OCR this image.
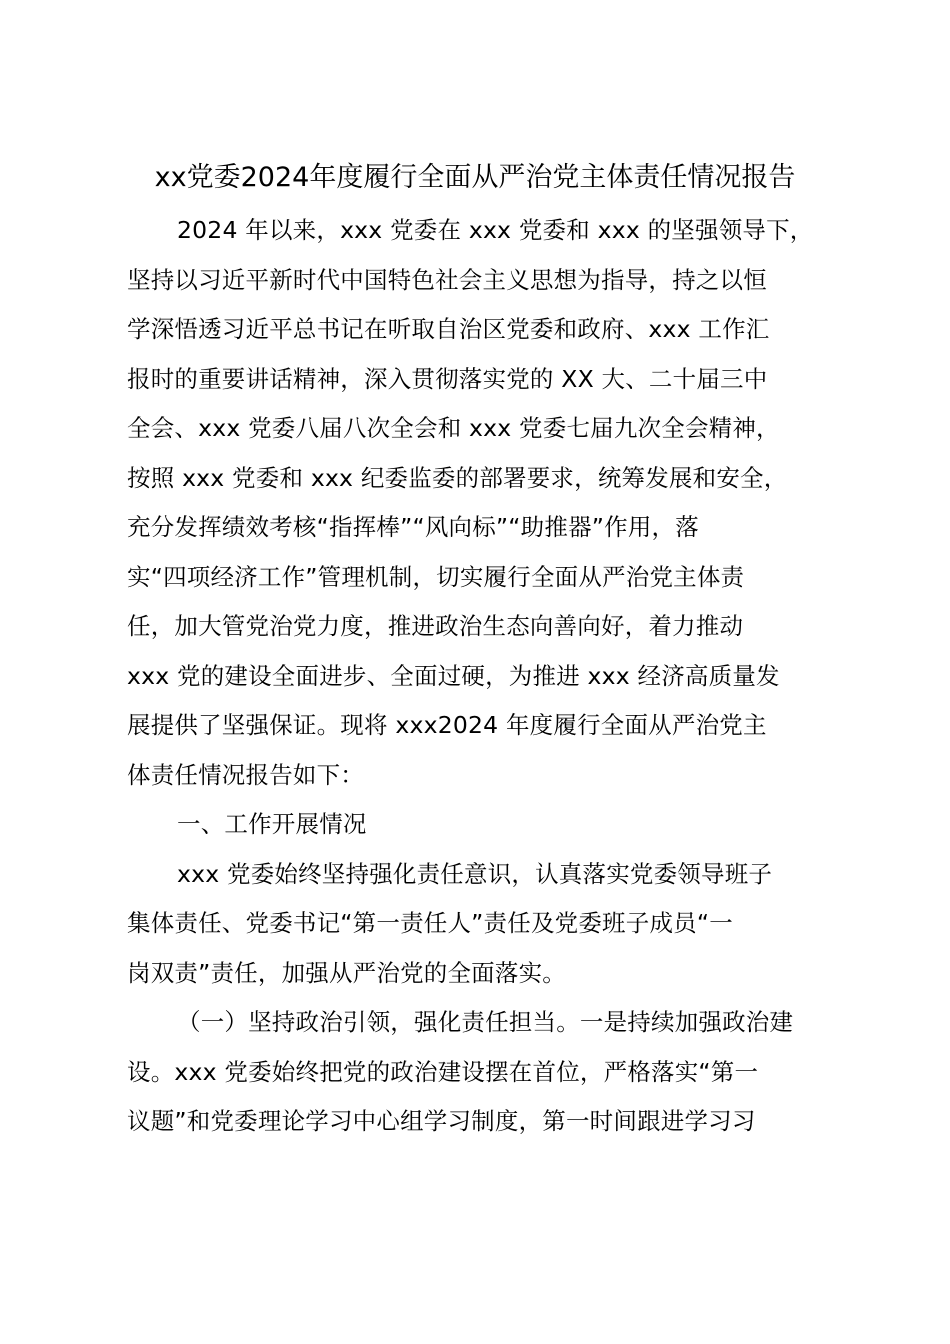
xx党委2024年度履行全面从严治党主体责任情况报告
2024 年以来，xxx 党委在 xxx 党委和 xxx 的坚强领导下，
坚持以习近平新时代中国特色社会主义思想为指导，持之以恒
学深悟透习近平总书记在听取自治区党委和政府、xxx 工作汇
报时的重要讲话精神，深入贯彻落实党的 XX 大、二十届三中
全会、xxx 党委八届八次全会和 xxx 党委七届九次全会精神，
按照 xxx 党委和 xxx 纪委监委的部署要求，统筹发展和安全，
充分发挥绩效考核“指挥棒”“风向标”“助推器”作用，落
实“四项经济工作”管理机制，切实履行全面从严治党主体责
任，加大管党治党力度，推进政治生态向善向好，着力推动
xxx 党的建设全面进步、全面过硬，为推进 xxx 经济高质量发
展提供了坚强保证。现将 xxx2024 年度履行全面从严治党主
体责任情况报告如下：
一、工作开展情况
xxx 党委始终坚持强化责任意识，认真落实党委领导班子
集体责任、党委书记“第一责任人”责任及党委班子成员“一
岗双责”责任，加强从严治党的全面落实。
（一）坚持政治引领，强化责任担当。一是持续加强政治建
设。xxx 党委始终把党的政治建设摆在首位，严格落实“第一
议题”和党委理论学习中心组学习制度，第一时间跟进学习习
